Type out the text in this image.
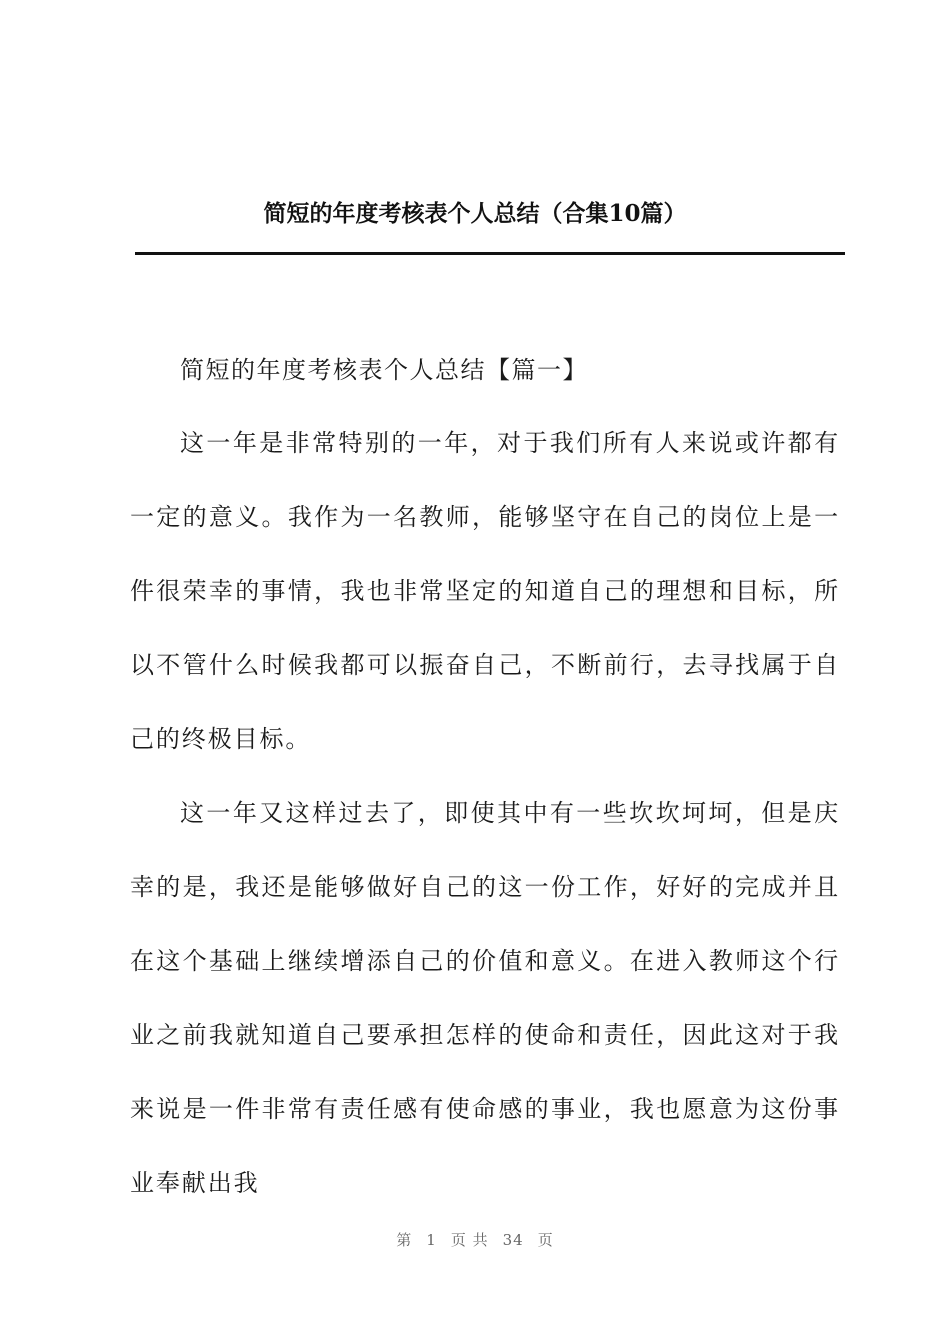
简短的年度考核表个人总结（合集10篇）
简短的年度考核表个人总结【篇一】

这一年是非常特别的一年，对于我们所有人来说或许都有一定的意义。我作为一名教师，能够坚守在自己的岗位上是一件很荣幸的事情，我也非常坚定的知道自己的理想和目标，所以不管什么时候我都可以振奋自己，不断前行，去寻找属于自己的终极目标。

这一年又这样过去了，即使其中有一些坎坎坷坷，但是庆幸的是，我还是能够做好自己的这一份工作，好好的完成并且在这个基础上继续增添自己的价值和意义。在进入教师这个行业之前我就知道自己要承担怎样的使命和责任，因此这对于我来说是一件非常有责任感有使命感的事业，我也愿意为这份事业奉献出我

第 1 页 共 34 页
